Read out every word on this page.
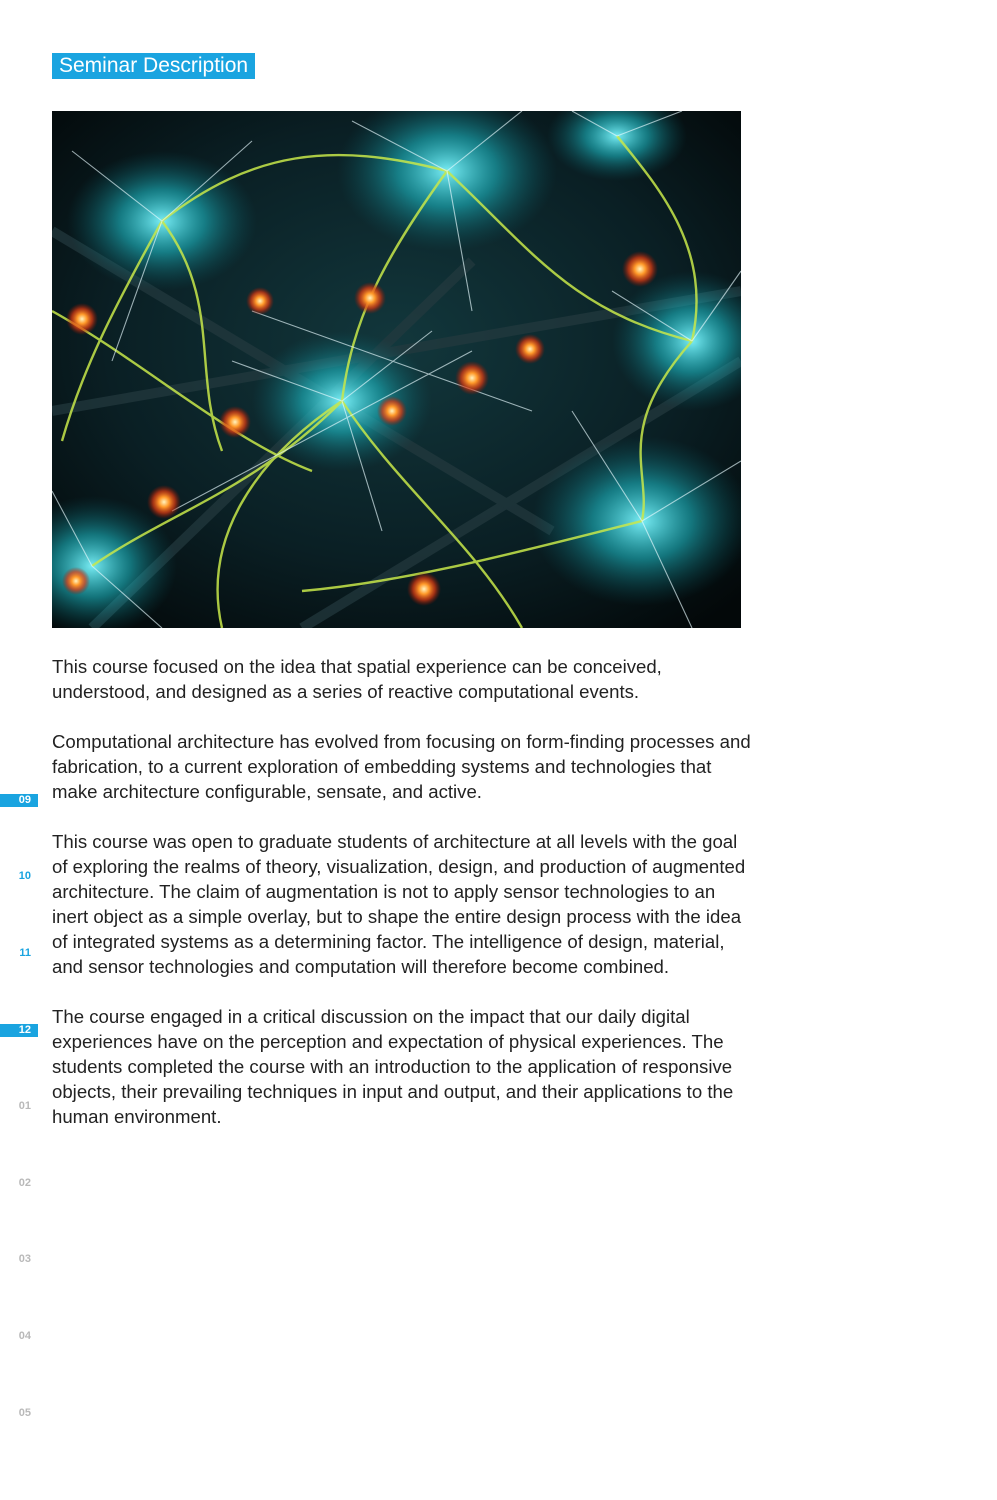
Seminar Description

This course focused on the idea that spatial experience can be conceived, understood, and designed as a series of reactive computational events.

Computational architecture has evolved from focusing on form-finding processes and fabrication, to a current exploration of embedding systems and technologies that make architecture configurable, sensate, and active.

This course was open to graduate students of architecture at all levels with the goal of exploring the realms of theory, visualization, design, and production of augmented architecture. The claim of augmentation is not to apply sensor technologies to an inert object as a simple overlay, but to shape the entire design process with the idea of integrated systems as a determining factor. The intelligence of design, material, and sensor technologies and computation will therefore become combined.

The course engaged in a critical discussion on the impact that our daily digital experiences have on the perception and expectation of physical experiences. The students completed the course with an introduction to the application of responsive objects, their prevailing techniques in input and output, and their applications to the human environment.

09
10
11
12
01
02
03
04
05
